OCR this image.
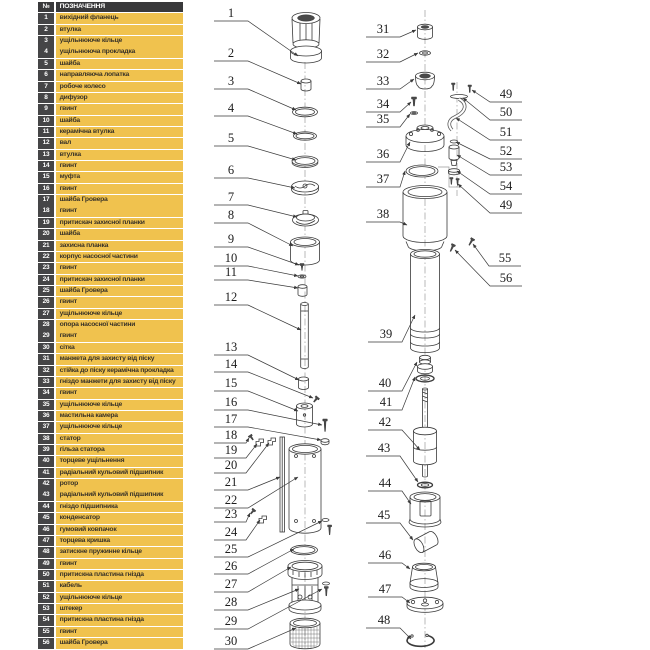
№	ПОЗНАЧЕННЯ
1	вихідний фланець
2	втулка
3	ущільнююче кільце
4	ущільнююча прокладка
5	шайба
6	направляюча лопатка
7	робоче колесо
8	дифузор
9	гвинт
10	шайба
11	керамічна втулка
12	вал
13	втулка
14	гвинт
15	муфта
16	гвинт
17	шайба Гровера
18	гвинт
19	притискач захисної планки
20	шайба
21	захисна планка
22	корпус насосної частини
23	гвинт
24	притискач захисної планки
25	шайба Гровера
26	гвинт
27	ущільнююче кільце
28	опора насосної частини
29	гвинт
30	сітка
31	манжета для захисту від піску
32	стійка до піску керамічна прокладка
33	гніздо манжети для захисту від піску
34	гвинт
35	ущільнююче кільце
36	мастильна камера
37	ущільнююче кільце
38	статор
39	гільза статора
40	торцеве ущільнення
41	радіальний кульовий підшипник
42	ротор
43	радіальний кульовий підшипник
44	гніздо підшипника
45	конденсатор
46	гумовий ковпачок
47	торцева кришка
48	затискне пружинне кільце
49	гвинт
50	притискна пластина гнізда
51	кабель
52	ущільнююче кільце
53	штекер
54	притискна пластина гнізда
55	гвинт
56	шайба Гровера
1
2
3
4
5
6
7
8
9
10
11
12
13
14
15
16
17
18
19
20
21
22
23
24
25
26
27
28
29
30
31
32
33
34
35
36
37
38
39
40
41
42
43
44
45
46
47
48
49
50
51
52
53
54
49
55
56
